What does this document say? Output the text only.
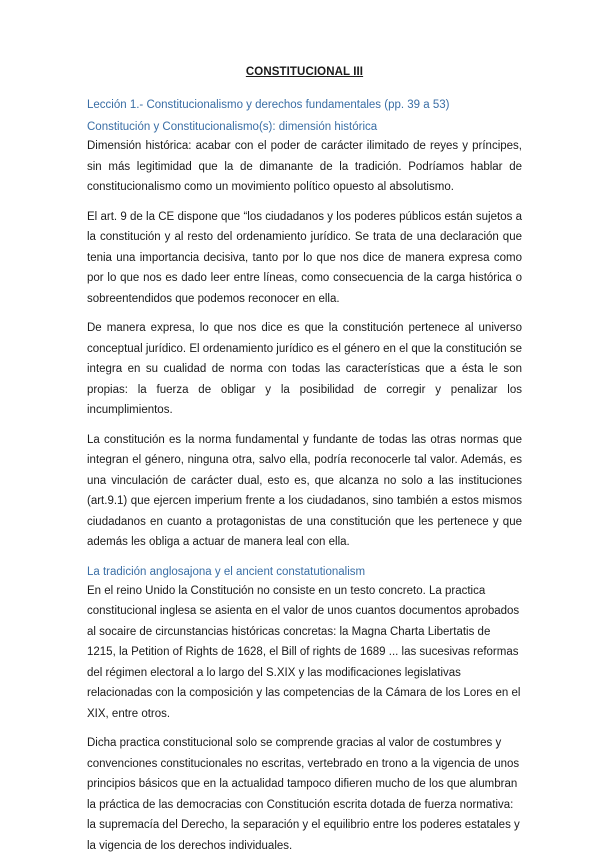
CONSTITUCIONAL III
Lección 1.- Constitucionalismo y derechos fundamentales (pp. 39 a 53)
Constitución y Constitucionalismo(s): dimensión histórica

Dimensión histórica: acabar con el poder de carácter ilimitado de reyes y príncipes, sin más legitimidad que la de dimanante de la tradición. Podríamos hablar de constitucionalismo como un movimiento político opuesto al absolutismo.

El art. 9 de la CE dispone que “los ciudadanos y los poderes públicos están sujetos a la constitución y al resto del ordenamiento jurídico. Se trata de una declaración que tenia una importancia decisiva, tanto por lo que nos dice de manera expresa como por lo que nos es dado leer entre líneas, como consecuencia de la carga histórica o sobreentendidos que podemos reconocer en ella.

De manera expresa, lo que nos dice es que la constitución pertenece al universo conceptual jurídico. El ordenamiento jurídico es el género en el que la constitución se integra en su cualidad de norma con todas las características que a ésta le son propias: la fuerza de obligar y la posibilidad de corregir y penalizar los incumplimientos.

La constitución es la norma fundamental y fundante de todas las otras normas que integran el género, ninguna otra, salvo ella, podría reconocerle tal valor. Además, es una vinculación de carácter dual, esto es, que alcanza no solo a las instituciones (art.9.1) que ejercen imperium frente a los ciudadanos, sino también a estos mismos ciudadanos en cuanto a protagonistas de una constitución que les pertenece y que además les obliga a actuar de manera leal con ella.

La tradición anglosajona y el ancient constatutionalism

En el reino Unido la Constitución no consiste en un testo concreto. La practica constitucional inglesa se asienta en el valor de unos cuantos documentos aprobados al socaire de circunstancias históricas concretas: la Magna Charta Libertatis de 1215, la Petition of Rights de 1628, el Bill of rights de 1689 ... las sucesivas reformas del régimen electoral a lo largo del S.XIX y las modificaciones legislativas relacionadas con la composición y las competencias de la Cámara de los Lores en el XIX, entre otros.

Dicha practica constitucional solo se comprende gracias al valor de costumbres y convenciones constitucionales no escritas, vertebrado en trono a la vigencia de unos principios básicos que en la actualidad tampoco difieren mucho de los que alumbran la práctica de las democracias con Constitución escrita dotada de fuerza normativa: la supremacía del Derecho, la separación y el equilibrio entre los poderes estatales y la vigencia de los derechos individuales.
